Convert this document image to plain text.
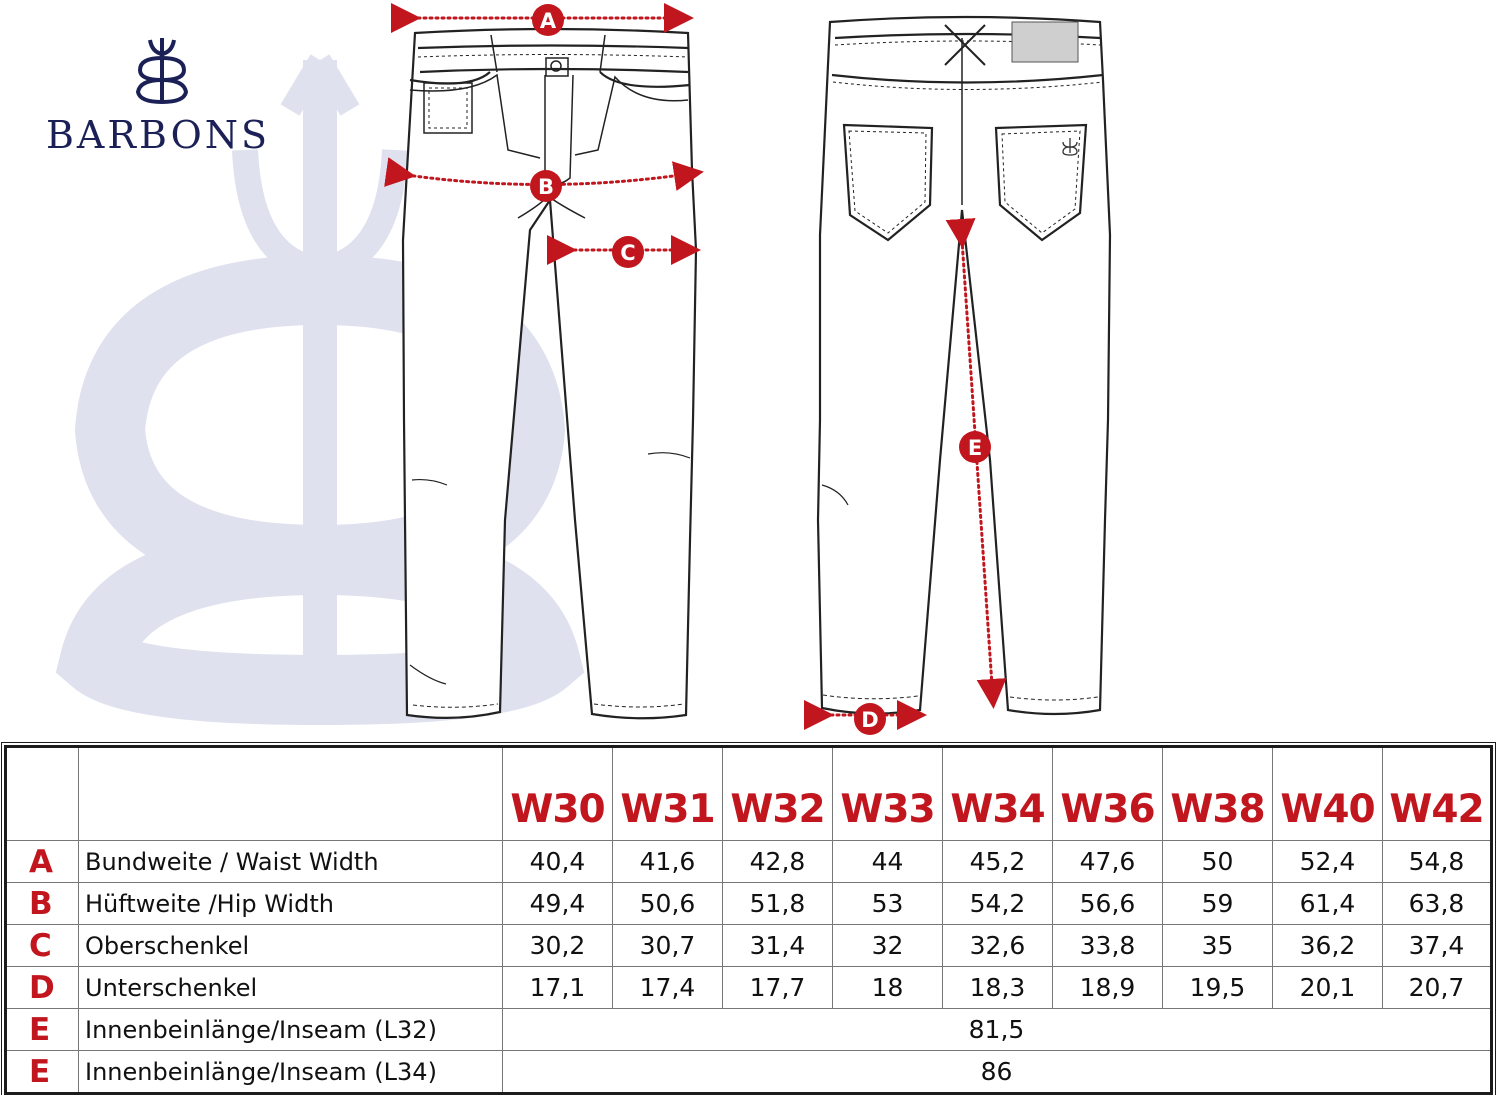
A
B
C
D
E
BARBONS
		W30	W31	W32	W33	W34	W36	W38	W40	W42
A	Bundweite / Waist Width	40,4	41,6	42,8	44	45,2	47,6	50	52,4	54,8
B	Hüftweite /Hip Width	49,4	50,6	51,8	53	54,2	56,6	59	61,4	63,8
C	Oberschenkel	30,2	30,7	31,4	32	32,6	33,8	35	36,2	37,4
D	Unterschenkel	17,1	17,4	17,7	18	18,3	18,9	19,5	20,1	20,7
E	Innenbeinlänge/Inseam (L32)	81,5								
E	Innenbeinlänge/Inseam (L34)	86								
